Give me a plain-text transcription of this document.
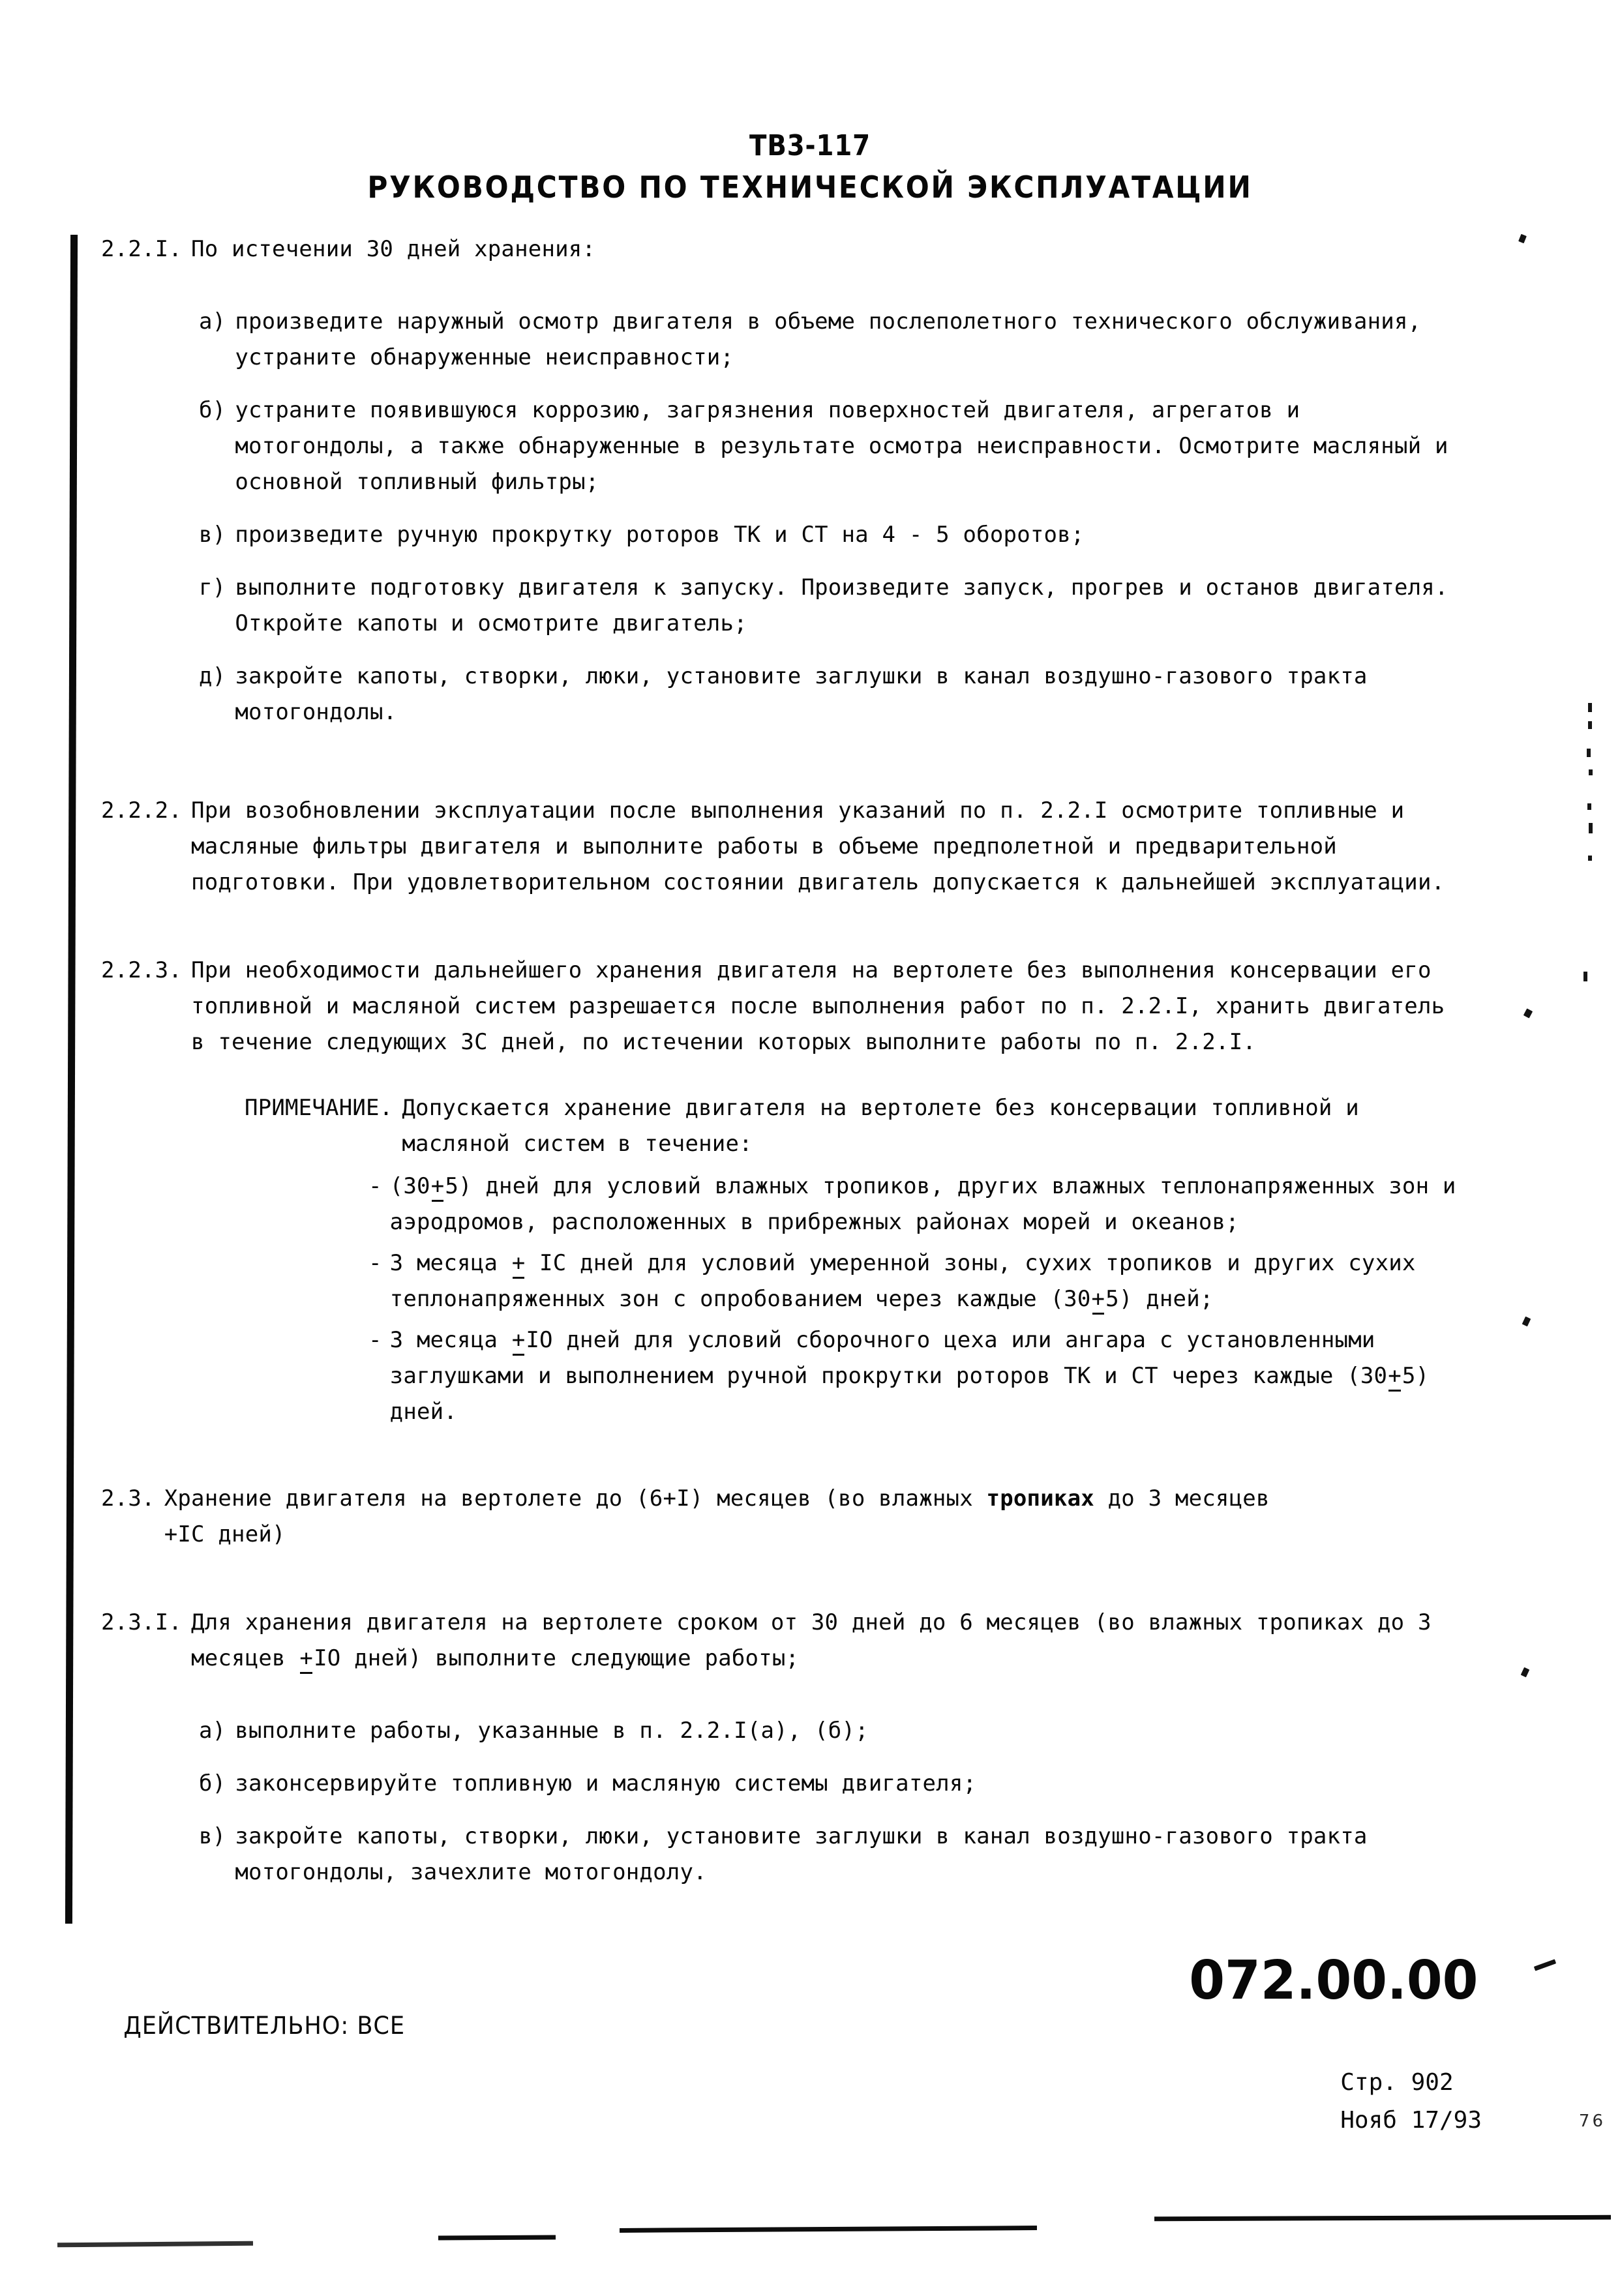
ТВ3-117
РУКОВОДСТВО ПО ТЕХНИЧЕСКОЙ ЭКСПЛУАТАЦИИ
2.2.I. По истечении 30 дней хранения:
а) произведите наружный осмотр двигателя в объеме послеполетного технического обслуживания, устраните обнаруженные неисправности;
б) устраните появившуюся коррозию, загрязнения поверхностей двигателя, агрегатов и мотогондолы, а также обнаруженные в результате осмотра неисправности. Осмотрите масляный и основной топливный фильтры;
в) произведите ручную прокрутку роторов ТК и СТ на 4 - 5 оборотов;
г) выполните подготовку двигателя к запуску. Произведите запуск, прогрев и останов двигателя. Откройте капоты и осмотрите двигатель;
д) закройте капоты, створки, люки, установите заглушки в канал воздушно-газового тракта мотогондолы.
2.2.2. При возобновлении эксплуатации после выполнения указаний по п. 2.2.I осмотрите топливные и масляные фильтры двигателя и выполните работы в объеме предполетной и предварительной подготовки. При удовлетворительном состоянии двигатель допускается к дальнейшей эксплуатации.
2.2.3. При необходимости дальнейшего хранения двигателя на вертолете без выполнения консервации его топливной и масляной систем разрешается после выполнения работ по п. 2.2.I, хранить двигатель в течение следующих 3С дней, по истечении которых выполните работы по п. 2.2.I.
ПРИМЕЧАНИЕ. Допускается хранение двигателя на вертолете без консервации топливной и масляной систем в течение:
- (30+5) дней для условий влажных тропиков, других влажных теплонапряженных зон и аэродромов, расположенных в прибрежных районах морей и океанов;
- 3 месяца + IC дней для условий умеренной зоны, сухих тропиков и других сухих теплонапряженных зон с опробованием через каждые (30+5) дней;
- 3 месяца +IO дней для условий сборочного цеха или ангара с установленными заглушками и выполнением ручной прокрутки роторов ТК и СТ через каждые (30+5) дней.
2.3. Хранение двигателя на вертолете до (6+I) месяцев (во влажных тропиках до 3 месяцев
+IC дней)
2.3.I. Для хранения двигателя на вертолете сроком от 30 дней до 6 месяцев (во влажных тропиках до 3 месяцев +IO дней) выполните следующие работы;
а) выполните работы, указанные в п. 2.2.I(а), (б);
б) законсервируйте топливную и масляную системы двигателя;
в) закройте капоты, створки, люки, установите заглушки в канал воздушно-газового тракта мотогондолы, зачехлите мотогондолу.
ДЕЙСТВИТЕЛЬНО: ВСЕ
072.00.00
Стр. 902
Нояб 17/93	76
